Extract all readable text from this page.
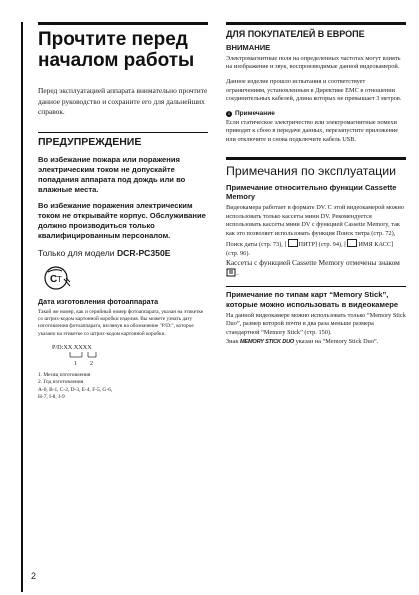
Прочтите перед началом работы

Перед эксплуатацией аппарата внимательно прочтите данное руководство и сохраните его для дальнейших справок.

ПРЕДУПРЕЖДЕНИЕ

Во избежание пожара или поражения электрическим током не допускайте попадания аппарата под дождь или во влажные места.

Во избежание поражения электрическим током не открывайте корпус. Обслуживание должно производиться только квалифицированным персоналом.

Только для модели DCR-PC350E
C T
Дата изготовления фотоаппарата

Такой же номер, как и серийный номер фотоаппарата, указан на этикетке со штрих-кодом картонной коробки изделия. Вы можете узнать дату изготовления фотоаппарата, взглянув на обозначение "P/D:", которое указано на этикетке со штрих-кодом картонной коробки.

P/D:XX XXXX
1 2
1. Месяц изготовления
2. Год изготовления
A-0, B-1, C-2, D-3, E-4, F-5, G-6,
H-7, I-8, J-9
ДЛЯ ПОКУПАТЕЛЕЙ В ЕВРОПЕ
ВНИМАНИЕ

Электромагнитные поля на определенных частотах могут влиять на изображение и звук, воспроизводимые данной видеокамерой.

Данное изделие прошло испытания и соответствует ограничениям, установленным в Директиве EMC в отношении соединительных кабелей, длина которых не превышает 3 метров.

i Примечание

Если статическое электричество или электромагнитные помехи приводят к сбою в передаче данных, перезапустите приложение или отключите и снова подключите кабель USB.

Примечания по эксплуатации
Примечание относительно функции Cassette Memory

Видеокамера работает в формате DV. С этой видеокамерой можно использовать только кассеты мини DV. Рекомендуется использовать кассеты мини DV с функцией Cassette Memory, так как это позволяет использовать функция Поиск титра (стр. 72), Поиск даты (стр. 73), [ ПИТР] (стр. 94), [ ИМЯ КАСС] (стр. 96).

Кассеты с функцией Cassette Memory отмечены знаком .

Примечание по типам карт “Memory Stick”, которые можно использовать в видеокамере

На данной видеокамере можно использовать только “Memory Stick Duo”, размер которой почти в два раза меньше размера стандартной “Memory Stick” (стр. 150).

Знак MEMORY STICK DUO указан на “Memory Stick Duo”.

2
